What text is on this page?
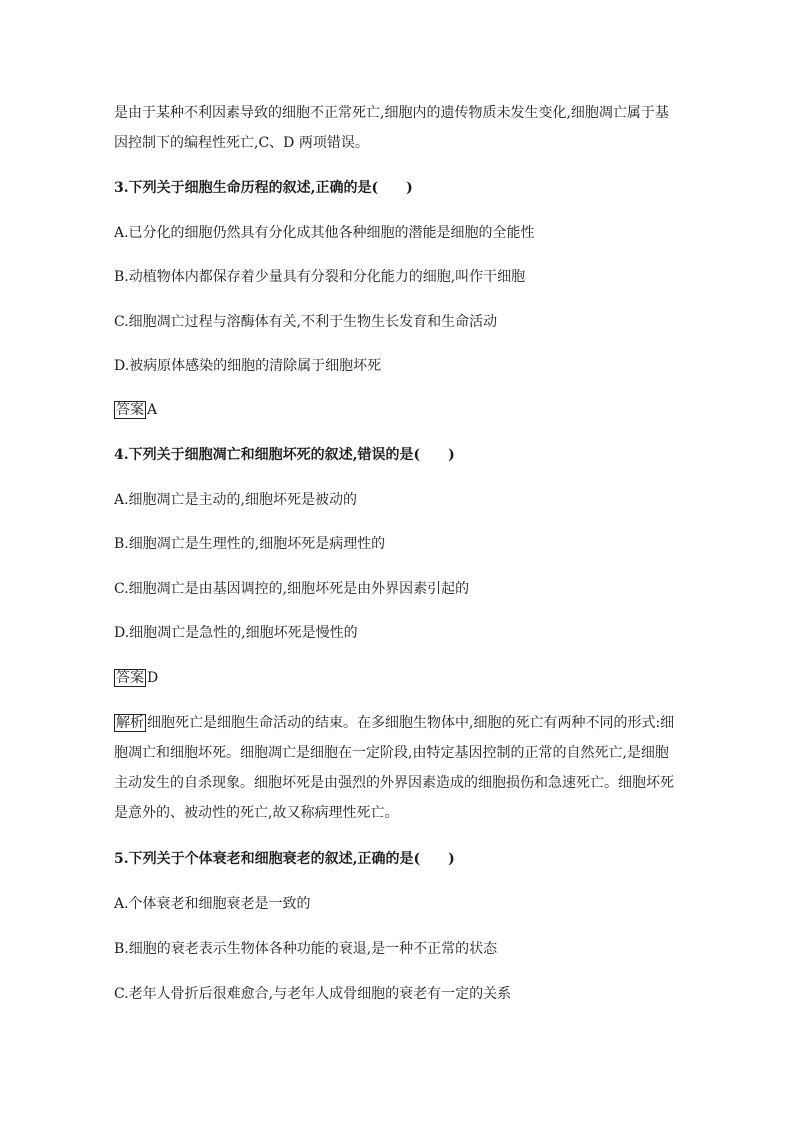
是由于某种不利因素导致的细胞不正常死亡,细胞内的遗传物质未发生变化,细胞凋亡属于基
因控制下的编程性死亡,C、D 两项错误。
3.下列关于细胞生命历程的叙述,正确的是(　　)
A.已分化的细胞仍然具有分化成其他各种细胞的潜能是细胞的全能性
B.动植物体内都保存着少量具有分裂和分化能力的细胞,叫作干细胞
C.细胞凋亡过程与溶酶体有关,不利于生物生长发育和生命活动
D.被病原体感染的细胞的清除属于细胞坏死
答案 A
4.下列关于细胞凋亡和细胞坏死的叙述,错误的是(　　)
A.细胞凋亡是主动的,细胞坏死是被动的
B.细胞凋亡是生理性的,细胞坏死是病理性的
C.细胞凋亡是由基因调控的,细胞坏死是由外界因素引起的
D.细胞凋亡是急性的,细胞坏死是慢性的
答案 D
解析 细胞死亡是细胞生命活动的结束。在多细胞生物体中,细胞的死亡有两种不同的形式:细
胞凋亡和细胞坏死。细胞凋亡是细胞在一定阶段,由特定基因控制的正常的自然死亡,是细胞
主动发生的自杀现象。细胞坏死是由强烈的外界因素造成的细胞损伤和急速死亡。细胞坏死
是意外的、被动性的死亡,故又称病理性死亡。
5.下列关于个体衰老和细胞衰老的叙述,正确的是(　　)
A.个体衰老和细胞衰老是一致的
B.细胞的衰老表示生物体各种功能的衰退,是一种不正常的状态
C.老年人骨折后很难愈合,与老年人成骨细胞的衰老有一定的关系
